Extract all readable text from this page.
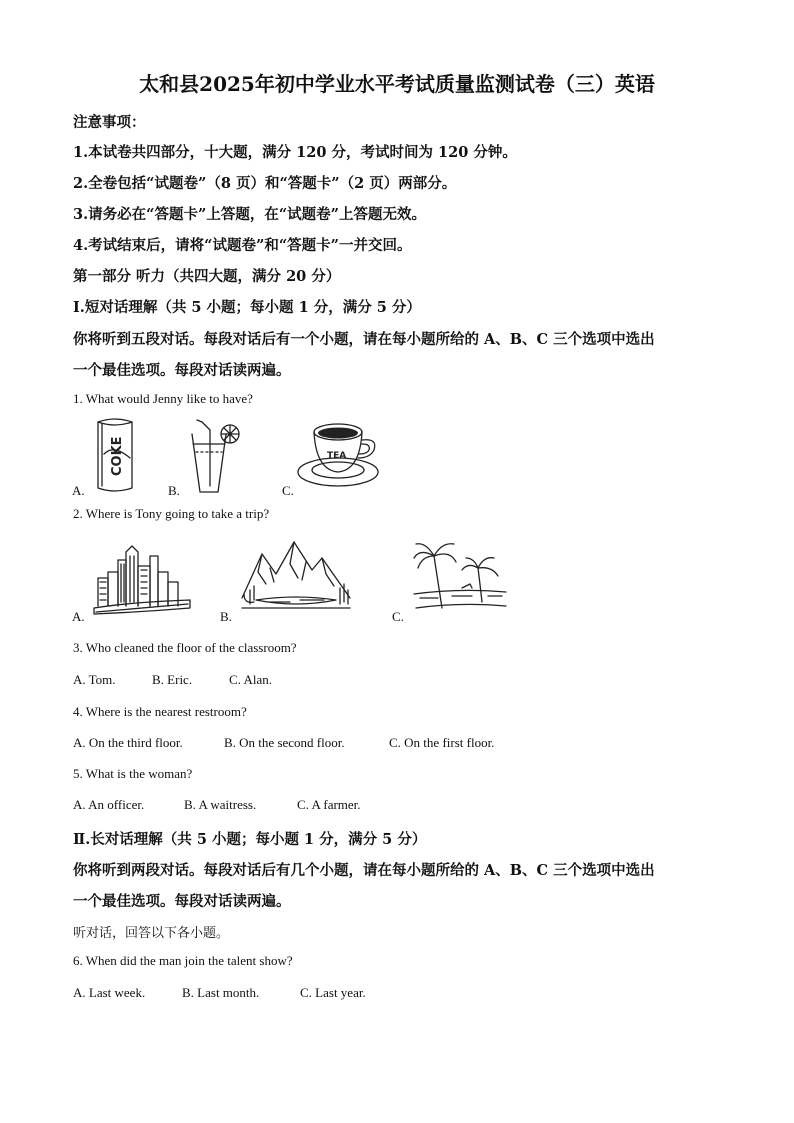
太和县2025年初中学业水平考试质量监测试卷（三）英语
注意事项：
1.本试卷共四部分，十大题，满分 120 分，考试时间为 120 分钟。
2.全卷包括“试题卷”（8 页）和“答题卡”（2 页）两部分。
3.请务必在“答题卡”上答题，在“试题卷”上答题无效。
4.考试结束后，请将“试题卷”和“答题卡”一并交回。
第一部分 听力（共四大题，满分 20 分）
Ⅰ.短对话理解（共 5 小题；每小题 1 分，满分 5 分）
你将听到五段对话。每段对话后有一个小题，请在每小题所给的 A、B、C 三个选项中选出
一个最佳选项。每段对话读两遍。
1. What would Jenny like to have?
COKE
A.	B.
TEA
C.
2. Where is Tony going to take a trip?
A.	B.	C.
3. Who cleaned the floor of the classroom?
A. Tom.	B. Eric.	C. Alan.
4. Where is the nearest restroom?
A. On the third floor.	B. On the second floor.	C. On the first floor.
5. What is the woman?
A. An officer.	B. A waitress.	C. A farmer.
Ⅱ.长对话理解（共 5 小题；每小题 1 分，满分 5 分）
你将听到两段对话。每段对话后有几个小题，请在每小题所给的 A、B、C 三个选项中选出
一个最佳选项。每段对话读两遍。
听对话，回答以下各小题。
6. When did the man join the talent show?
A. Last week.	B. Last month.	C. Last year.
